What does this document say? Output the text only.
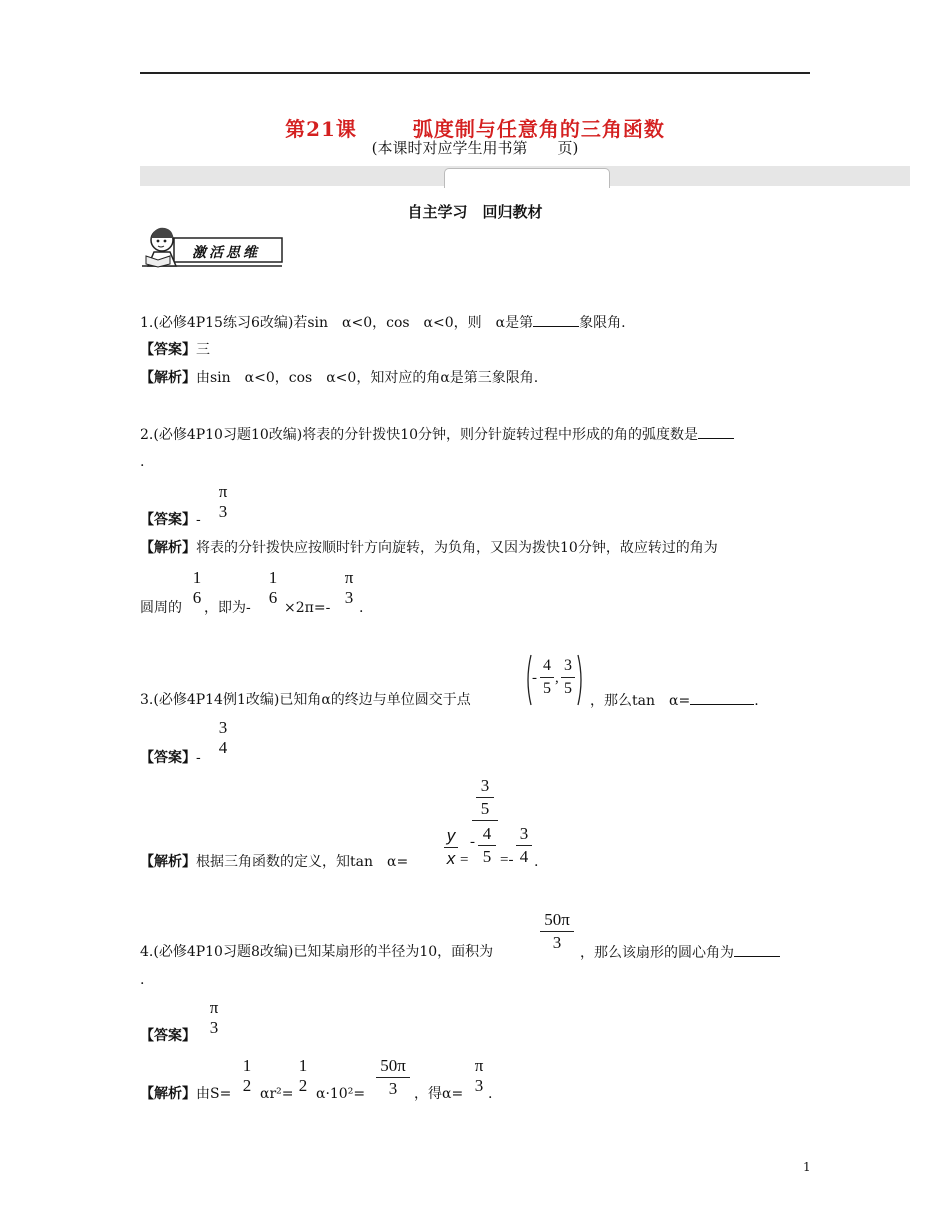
第21课	弧度制与任意角的三角函数
(本课时对应学生用书第　　页)
自主学习　回归教材
激活思维
1.(必修4P15练习6改编)若sin　α<0，cos　α<0，则　α是第	象限角.
【答案】三
【解析】由sin　α<0，cos　α<0，知对应的角α是第三象限角.
2.(必修4P10习题10改编)将表的分针拨快10分钟，则分针旋转过程中形成的角的弧度数是
.
【答案】-
π
3
【解析】将表的分针拨快应按顺时针方向旋转，为负角，又因为拨快10分钟，故应转过的角为
圆周的
1
6
，即为-
1
6
×2π=-
π
3
.
3.(必修4P14例1改编)已知角α的终边与单位圆交于点
-
4
5
,
3
5
，那么tan　α=	.
【答案】-
3
4
【解析】根据三角函数的定义，知tan　α=
y
x =
3
5
- 4
5 =-
3
4 .
4.(必修4P10习题8改编)已知某扇形的半径为10，面积为
50π
3
，那么该扇形的圆心角为
.
【答案】
π
3
【解析】由S=
1
2 αr²=
1
2 α·10²=
50π
3	，得α=
π
3 .
1
